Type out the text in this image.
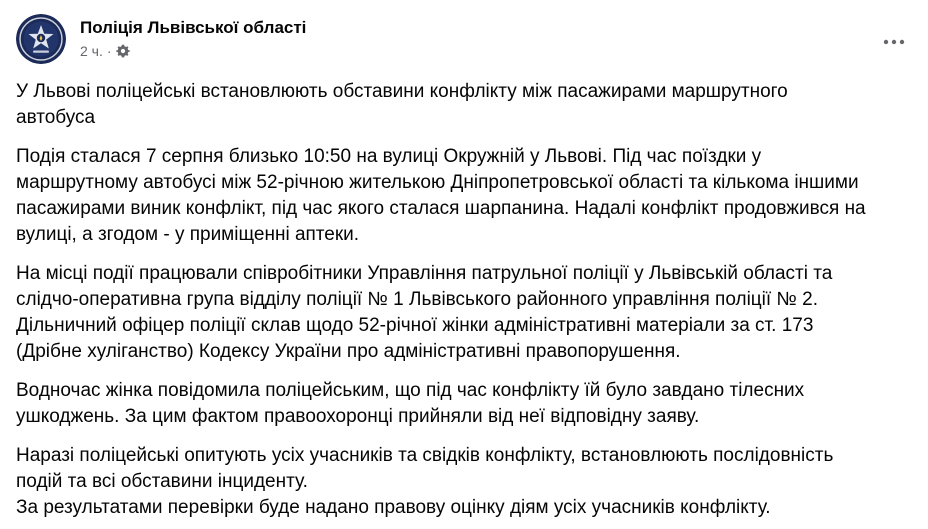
Поліція Львівської області
2 ч. ·

У Львові поліцейські встановлюють обставини конфлікту між пасажирами маршрутного
автобуса

Подія сталася 7 серпня близько 10:50 на вулиці Окружній у Львові. Під час поїздки у
маршрутному автобусі між 52-річною жителькою Дніпропетровської області та кількома іншими
пасажирами виник конфлікт, під час якого сталася шарпанина. Надалі конфлікт продовжився на
вулиці, а згодом - у приміщенні аптеки.

На місці події працювали співробітники Управління патрульної поліції у Львівській області та
слідчо-оперативна група відділу поліції № 1 Львівського районного управління поліції № 2.
Дільничний офіцер поліції склав щодо 52-річної жінки адміністративні матеріали за ст. 173
(Дрібне хуліганство) Кодексу України про адміністративні правопорушення.

Водночас жінка повідомила поліцейським, що під час конфлікту їй було завдано тілесних
ушкоджень. За цим фактом правоохоронці прийняли від неї відповідну заяву.

Наразі поліцейські опитують усіх учасників та свідків конфлікту, встановлюють послідовність
подій та всі обставини інциденту.
За результатами перевірки буде надано правову оцінку діям усіх учасників конфлікту.
